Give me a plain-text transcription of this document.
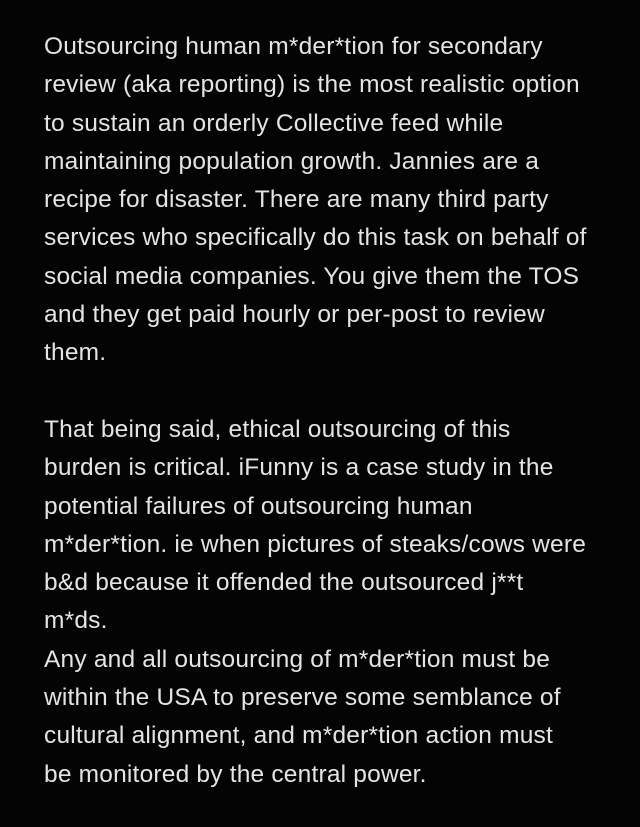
Outsourcing human m*der*tion for secondary
review (aka reporting) is the most realistic option
to sustain an orderly Collective feed while
maintaining population growth. Jannies are a
recipe for disaster. There are many third party
services who specifically do this task on behalf of
social media companies. You give them the TOS
and they get paid hourly or per-post to review
them.

That being said, ethical outsourcing of this
burden is critical. iFunny is a case study in the
potential failures of outsourcing human
m*der*tion. ie when pictures of steaks/cows were
b&d because it offended the outsourced j**t
m*ds.
Any and all outsourcing of m*der*tion must be
within the USA to preserve some semblance of
cultural alignment, and m*der*tion action must
be monitored by the central power.
